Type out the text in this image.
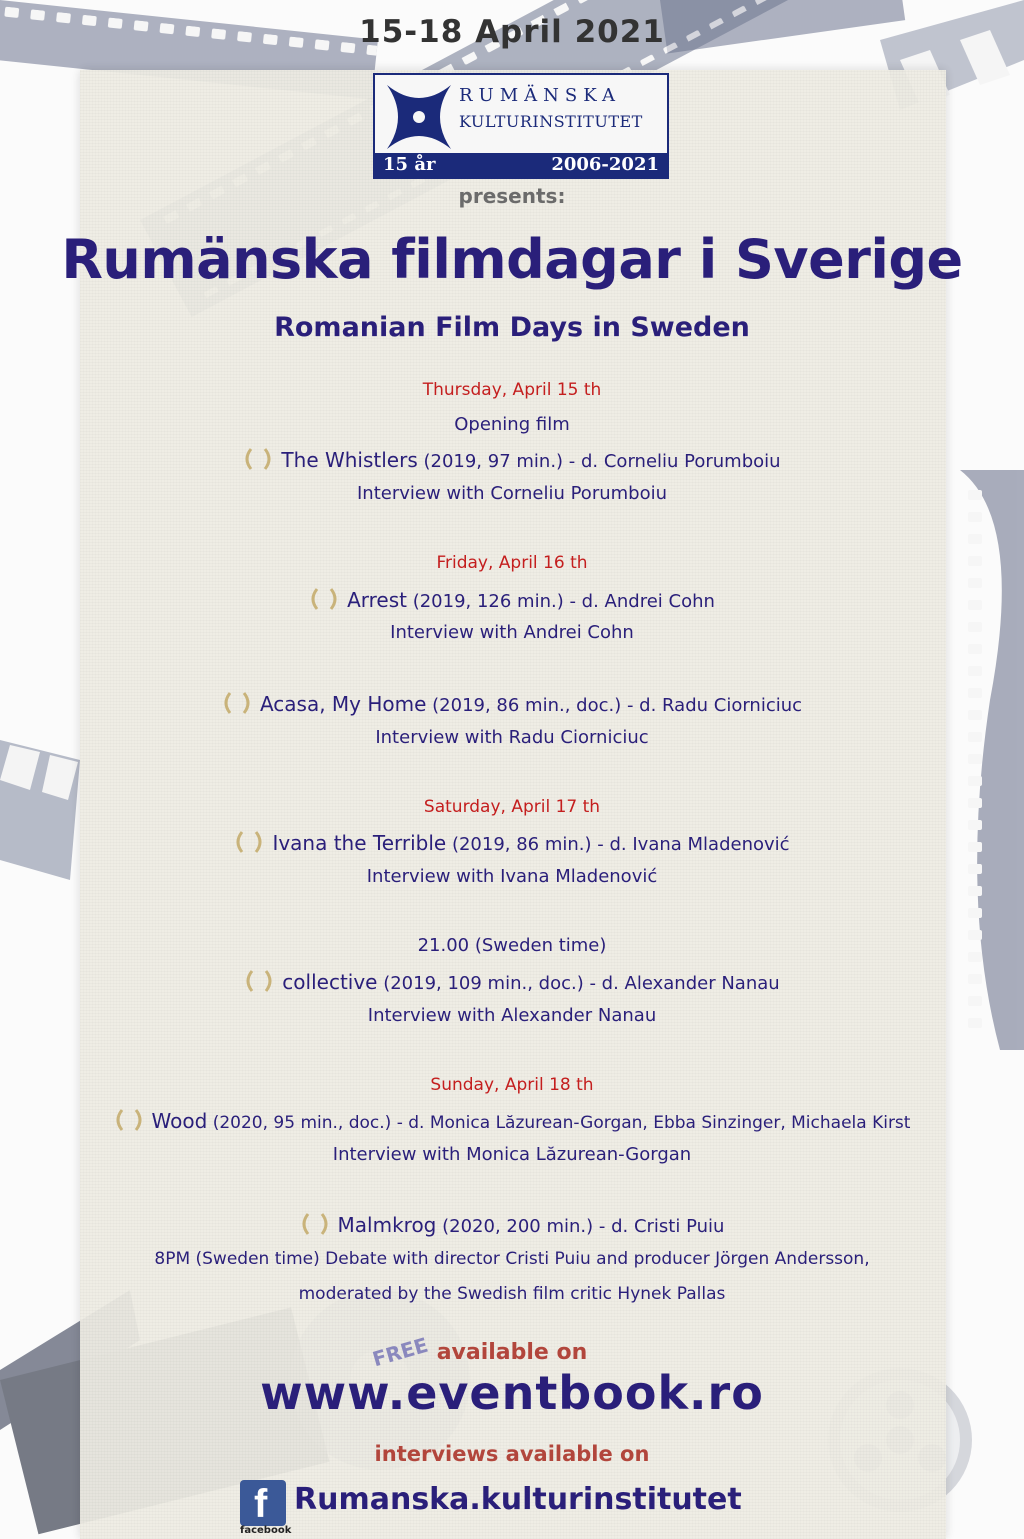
15-18 April 2021
RUMÄNSKA
KULTURINSTITUTET
15 år	2006-2021
presents:
Rumänska filmdagar i Sverige
Romanian Film Days in Sweden
Thursday, April 15 th
Opening film
The Whistlers (2019, 97 min.) - d. Corneliu Porumboiu
Interview with Corneliu Porumboiu
Friday, April 16 th
Arrest (2019, 126 min.) - d. Andrei Cohn
Interview with Andrei Cohn
Acasa, My Home (2019, 86 min., doc.) - d. Radu Ciorniciuc
Interview with Radu Ciorniciuc
Saturday, April 17 th
Ivana the Terrible (2019, 86 min.) - d. Ivana Mladenović
Interview with Ivana Mladenović
21.00 (Sweden time)
collective (2019, 109 min., doc.) - d. Alexander Nanau
Interview with Alexander Nanau
Sunday, April 18 th
Wood (2020, 95 min., doc.) - d. Monica Lăzurean-Gorgan, Ebba Sinzinger, Michaela Kirst
Interview with Monica Lăzurean-Gorgan
Malmkrog (2020, 200 min.) - d. Cristi Puiu
8PM (Sweden time) Debate with director Cristi Puiu and producer Jörgen Andersson,
moderated by the Swedish film critic Hynek Pallas
FREE available on
www.eventbook.ro
interviews available on
f
facebook
Rumanska.kulturinstitutet
